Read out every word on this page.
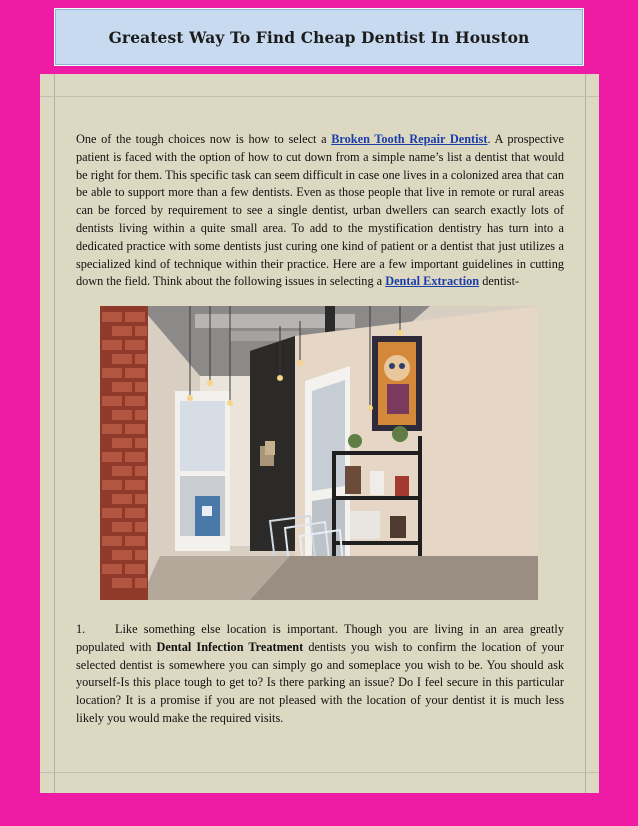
Greatest Way To Find Cheap Dentist In Houston

One of the tough choices now is how to select a Broken Tooth Repair Dentist. A prospective patient is faced with the option of how to cut down from a simple name’s list a dentist that would be right for them. This specific task can seem difficult in case one lives in a colonized area that can be able to support more than a few dentists. Even as those people that live in remote or rural areas can be forced by requirement to see a single dentist, urban dwellers can search exactly lots of dentists living within a quite small area. To add to the mystification dentistry has turn into a dedicated practice with some dentists just curing one kind of patient or a dentist that just utilizes a specialized kind of technique within their practice. Here are a few important guidelines in cutting down the field. Think about the following issues in selecting a Dental Extraction dentist-

1. Like something else location is important. Though you are living in an area greatly populated with Dental Infection Treatment dentists you wish to confirm the location of your selected dentist is somewhere you can simply go and someplace you wish to be. You should ask yourself-Is this place tough to get to? Is there parking an issue? Do I feel secure in this particular location? It is a promise if you are not pleased with the location of your dentist it is much less likely you would make the required visits.
